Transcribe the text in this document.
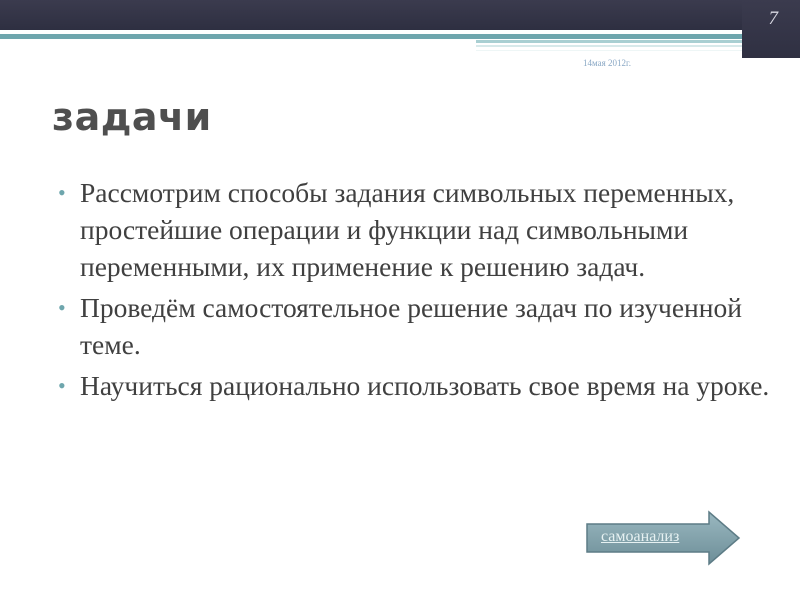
7
14мая 2012г.
задачи
• Рассмотрим способы задания символьных переменных, простейшие операции и функции над символьными переменными, их применение к решению задач.
• Проведём самостоятельное решение задач по изученной теме.
• Научиться рационально использовать свое время на уроке.
самоанализ
